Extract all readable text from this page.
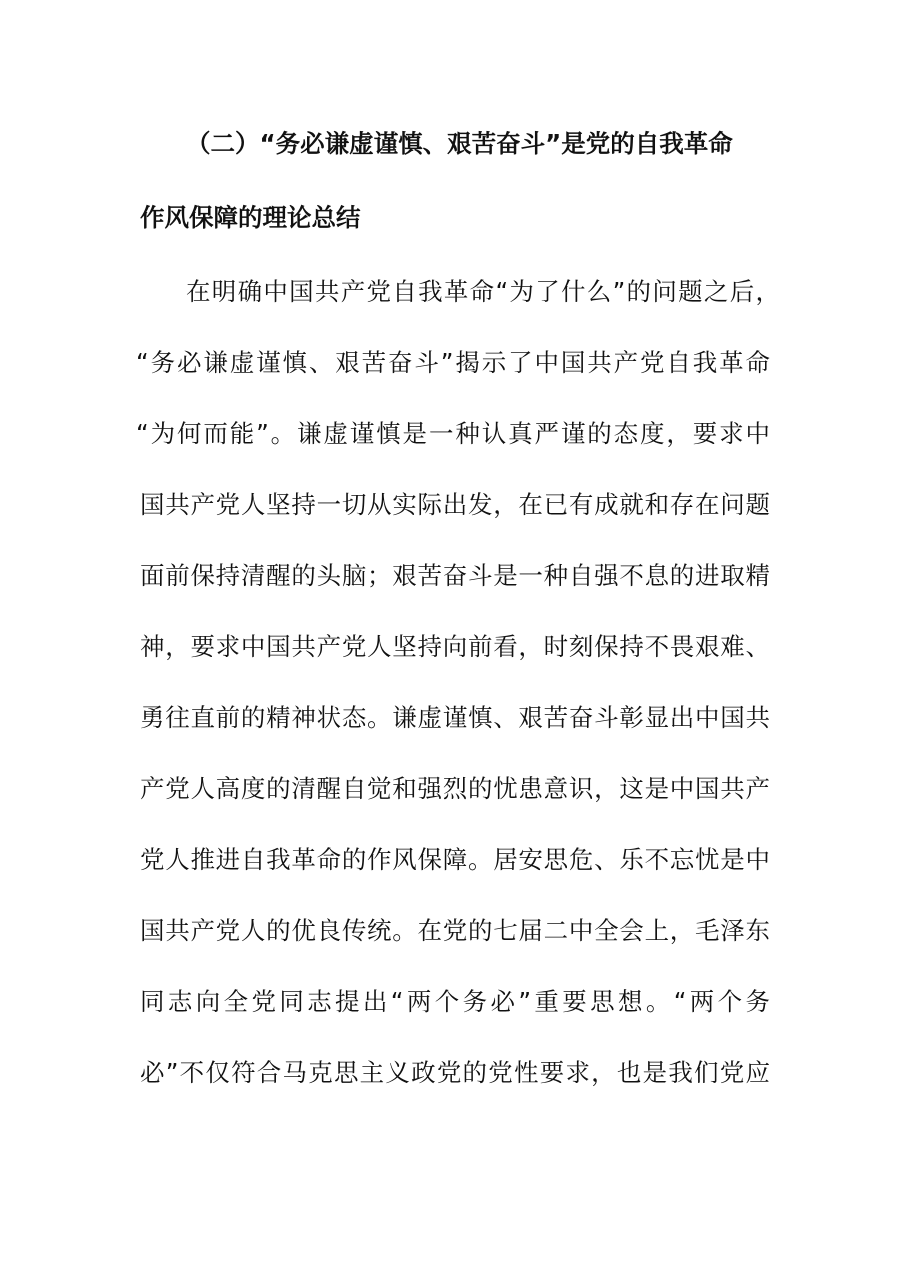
（二）“务必谦虚谨慎、艰苦奋斗”是党的自我革命
作风保障的理论总结
在明确中国共产党自我革命“为了什么”的问题之后，
“务必谦虚谨慎、艰苦奋斗”揭示了中国共产党自我革命
“为何而能”。谦虚谨慎是一种认真严谨的态度，要求中
国共产党人坚持一切从实际出发，在已有成就和存在问题
面前保持清醒的头脑；艰苦奋斗是一种自强不息的进取精
神，要求中国共产党人坚持向前看，时刻保持不畏艰难、
勇往直前的精神状态。谦虚谨慎、艰苦奋斗彰显出中国共
产党人高度的清醒自觉和强烈的忧患意识，这是中国共产
党人推进自我革命的作风保障。居安思危、乐不忘忧是中
国共产党人的优良传统。在党的七届二中全会上，毛泽东
同志向全党同志提出“两个务必”重要思想。“两个务
必”不仅符合马克思主义政党的党性要求，也是我们党应
